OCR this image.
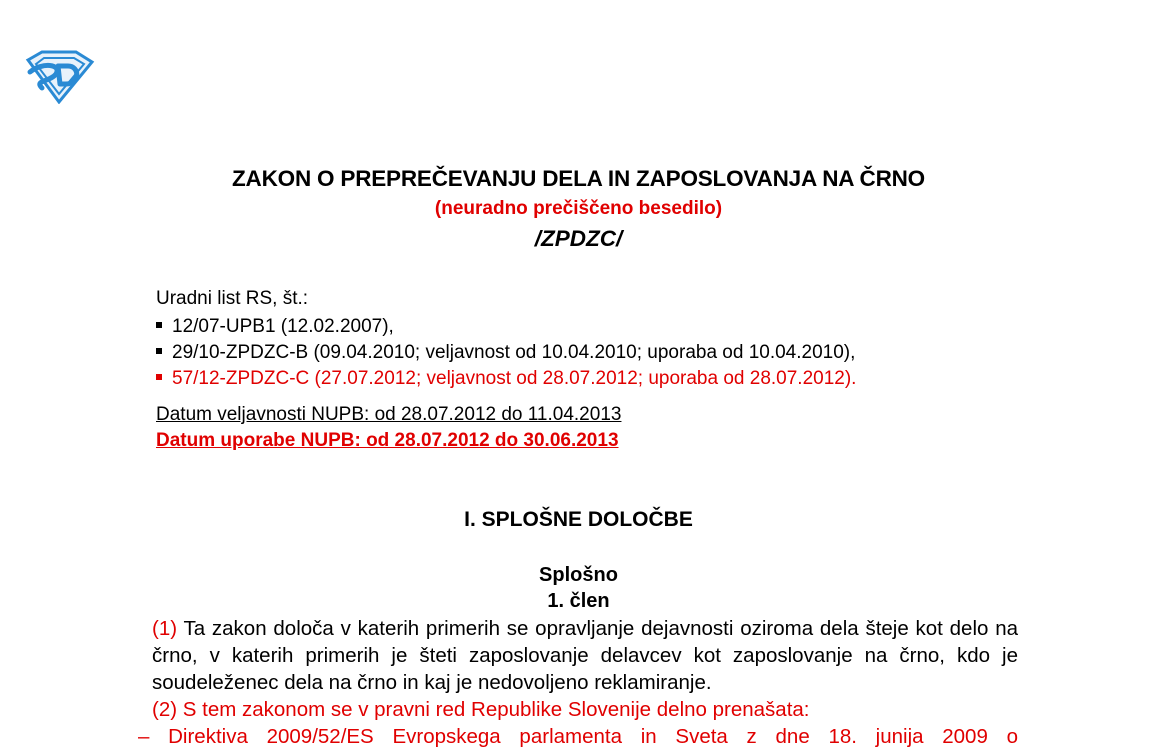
ZAKON O PREPREČEVANJU DELA IN ZAPOSLOVANJA NA ČRNO
(neuradno prečiščeno besedilo)
/ZPDZC/
Uradni list RS, št.:
12/07-UPB1 (12.02.2007),
29/10-ZPDZC-B (09.04.2010; veljavnost od 10.04.2010; uporaba od 10.04.2010),
57/12-ZPDZC-C (27.07.2012; veljavnost od 28.07.2012; uporaba od 28.07.2012).
Datum veljavnosti NUPB: od 28.07.2012 do 11.04.2013
Datum uporabe NUPB: od 28.07.2012 do 30.06.2013
I. SPLOŠNE DOLOČBE
Splošno
1. člen

(1) Ta zakon določa v katerih primerih se opravljanje dejavnosti oziroma dela šteje kot delo na črno, v katerih primerih je šteti zaposlovanje delavcev kot zaposlovanje na črno, kdo je soudeleženec dela na črno in kaj je nedovoljeno reklamiranje.

(2) S tem zakonom se v pravni red Republike Slovenije delno prenašata:

– Direktiva 2009/52/ES Evropskega parlamenta in Sveta z dne 18. junija 2009 o
